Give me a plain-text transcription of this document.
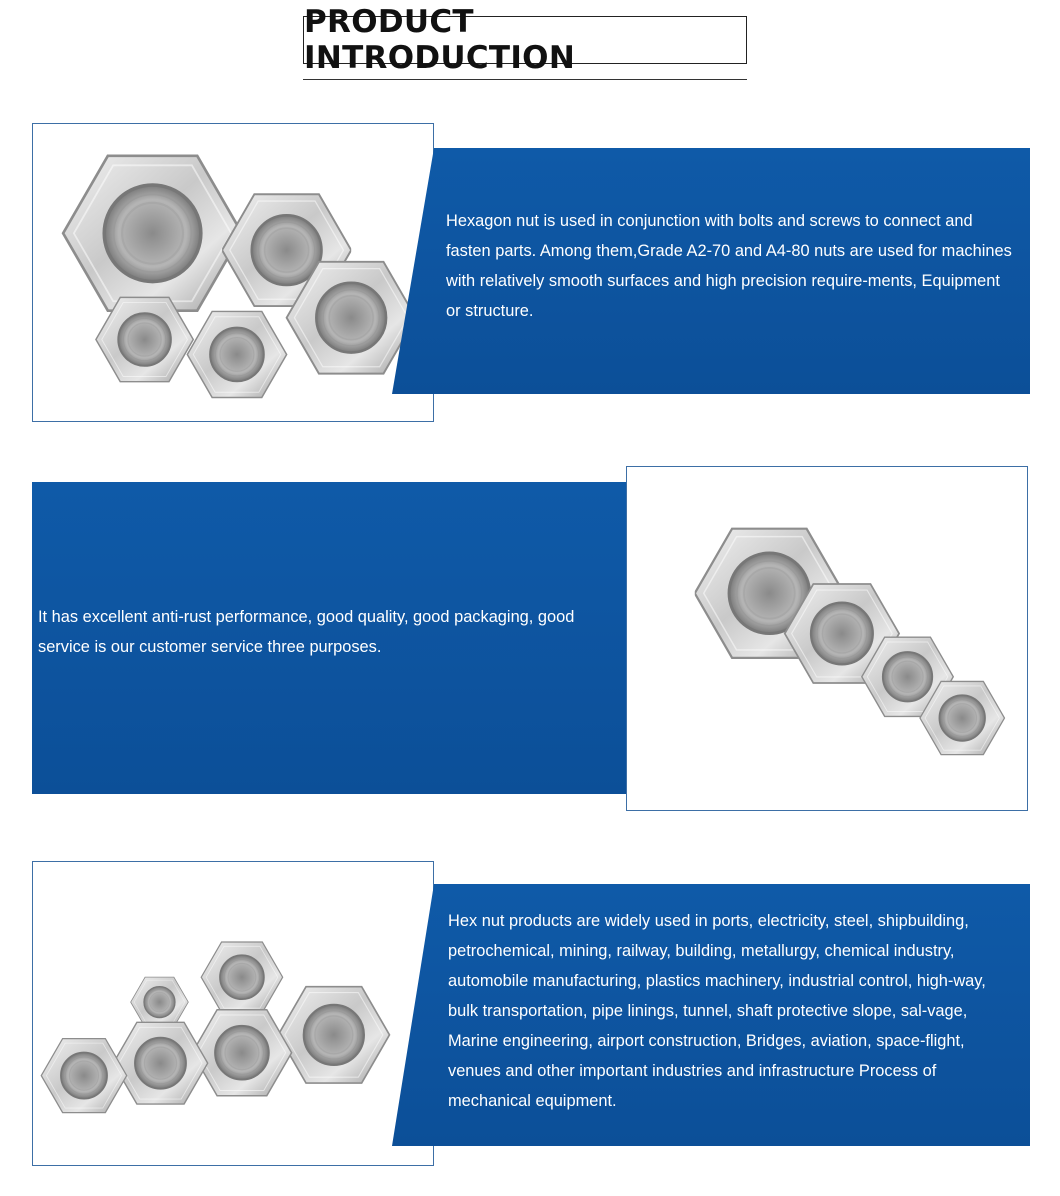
PRODUCT INTRODUCTION
Hexagon nut is used in conjunction with bolts and screws to connect and fasten parts. Among them,Grade A2-70 and A4-80 nuts are used for machines with relatively smooth surfaces and high precision require-ments, Equipment or structure.
It has excellent anti-rust performance, good quality, good packaging, good service is our customer service three purposes.
Hex nut products are widely used in ports, electricity, steel, shipbuilding, petrochemical, mining, railway, building, metallurgy, chemical industry, automobile manufacturing, plastics machinery, industrial control, high-way, bulk transportation, pipe linings, tunnel, shaft protective slope, sal-vage, Marine engineering, airport construction, Bridges, aviation, space-flight, venues and other important industries and infrastructure Process of mechanical equipment.
